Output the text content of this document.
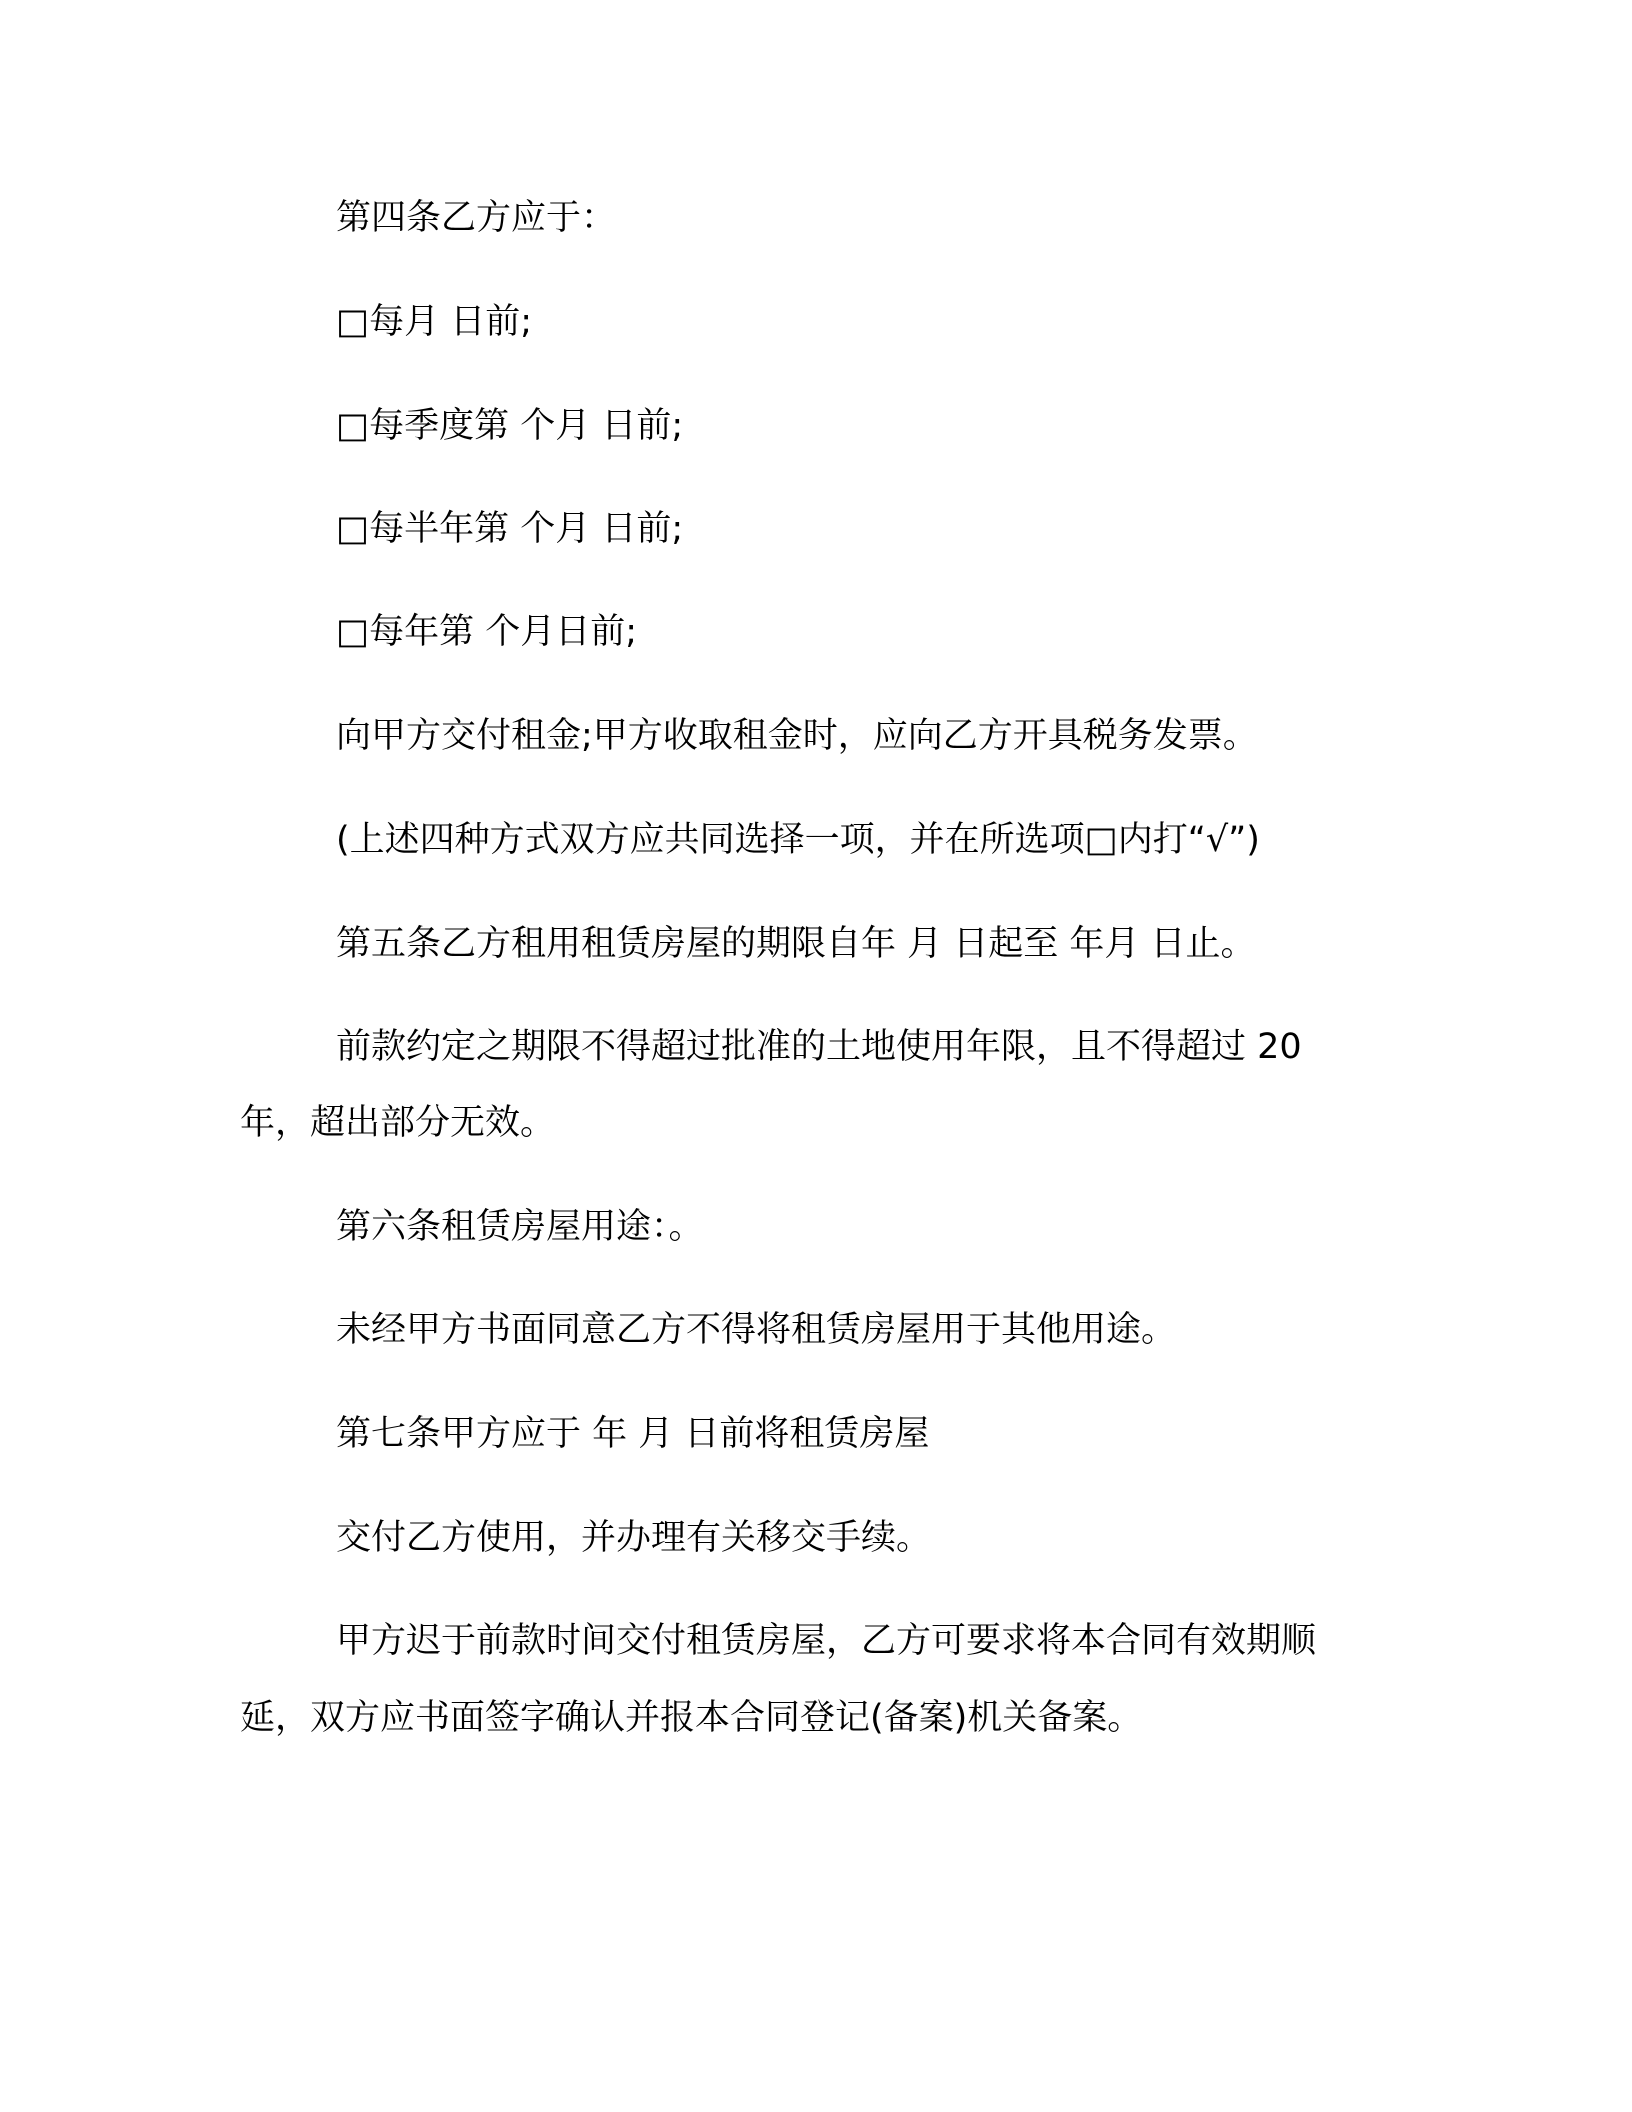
第四条乙方应于：
□每月 日前;
□每季度第 个月 日前;
□每半年第 个月 日前;
□每年第 个月日前;
向甲方交付租金;甲方收取租金时，应向乙方开具税务发票。
(上述四种方式双方应共同选择一项，并在所选项□内打“√”)
第五条乙方租用租赁房屋的期限自年 月 日起至 年月 日止。
前款约定之期限不得超过批准的土地使用年限，且不得超过 20
年，超出部分无效。
第六条租赁房屋用途：。
未经甲方书面同意乙方不得将租赁房屋用于其他用途。
第七条甲方应于 年 月 日前将租赁房屋
交付乙方使用，并办理有关移交手续。
甲方迟于前款时间交付租赁房屋，乙方可要求将本合同有效期顺
延，双方应书面签字确认并报本合同登记(备案)机关备案。
